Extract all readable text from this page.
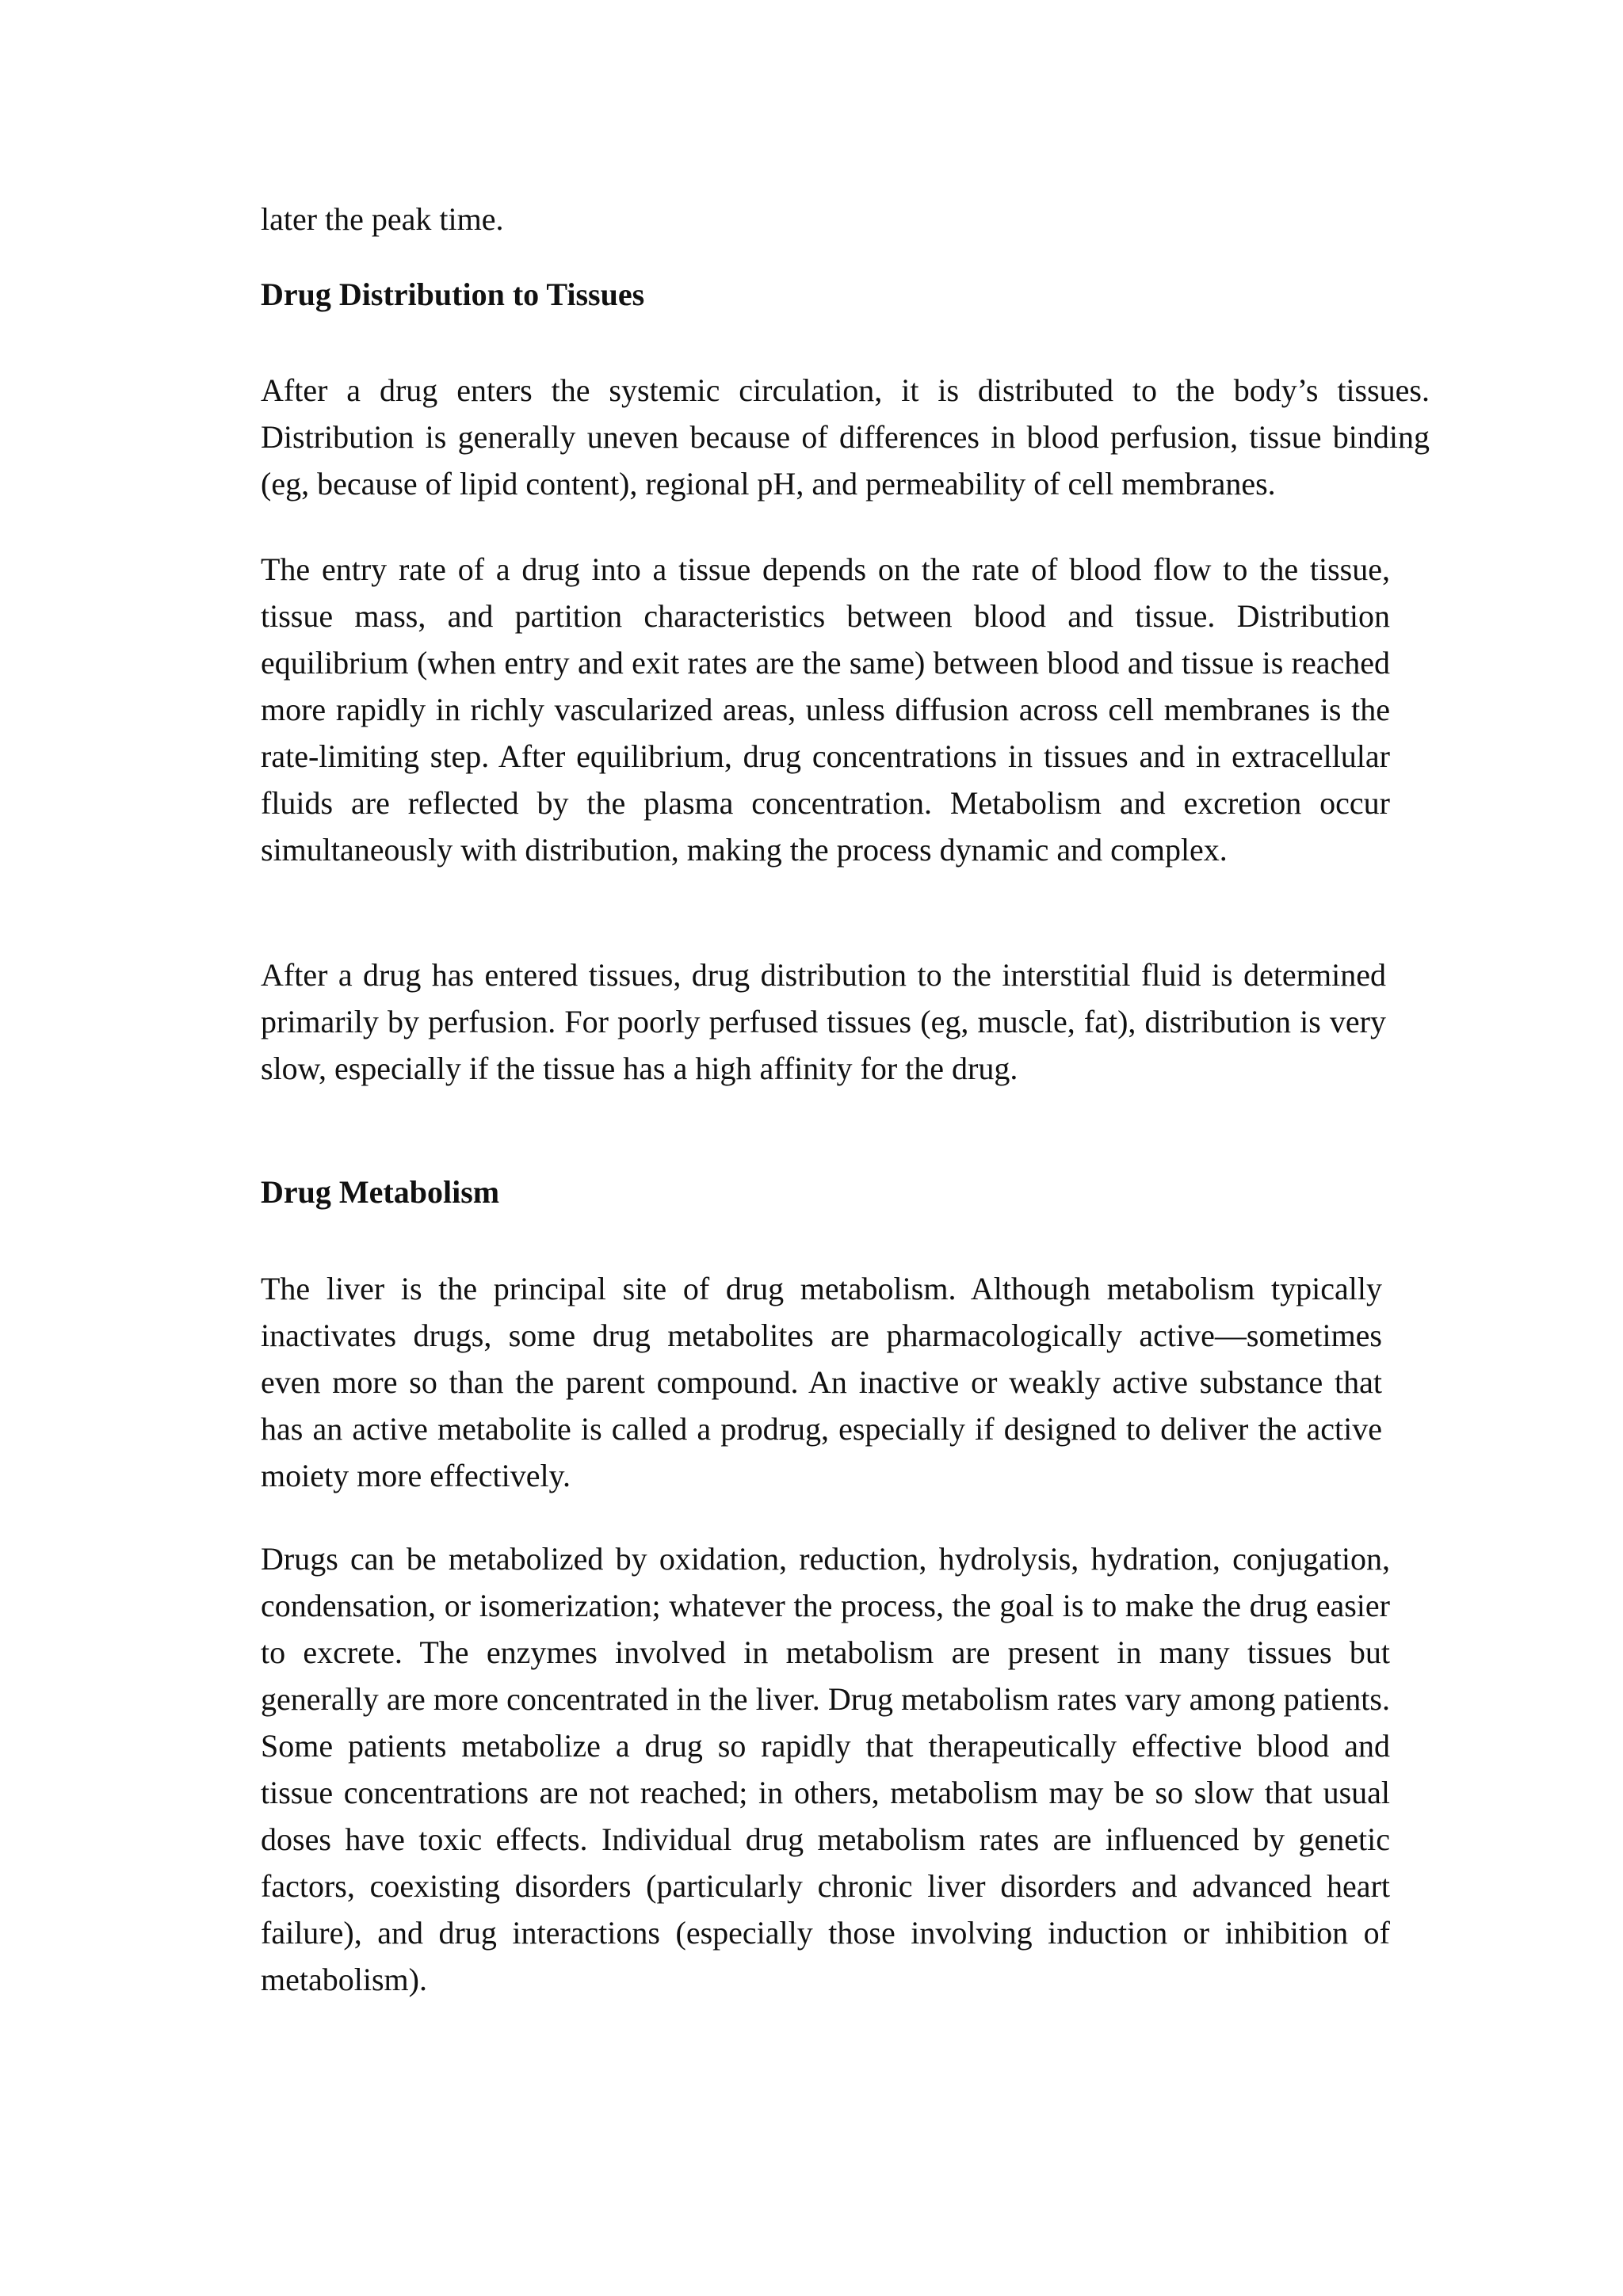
later the peak time.

Drug Distribution to Tissues

After a drug enters the systemic circulation, it is distributed to the body’s tissues. Distribution is generally uneven because of differences in blood perfusion, tissue binding (eg, because of lipid content), regional pH, and permeability of cell membranes.

The entry rate of a drug into a tissue depends on the rate of blood flow to the tissue, tissue mass, and partition characteristics between blood and tissue. Distribution equilibrium (when entry and exit rates are the same) between blood and tissue is reached more rapidly in richly vascularized areas, unless diffusion across cell membranes is the rate-limiting step. After equilibrium, drug concentrations in tissues and in extracellular fluids are reflected by the plasma concentration. Metabolism and excretion occur simultaneously with distribution, making the process dynamic and complex.

After a drug has entered tissues, drug distribution to the interstitial fluid is determined primarily by perfusion. For poorly perfused tissues (eg, muscle, fat), distribution is very slow, especially if the tissue has a high affinity for the drug.

Drug Metabolism

The liver is the principal site of drug metabolism. Although metabolism typically inactivates drugs, some drug metabolites are pharmacologically active—sometimes even more so than the parent compound. An inactive or weakly active substance that has an active metabolite is called a prodrug, especially if designed to deliver the active moiety more effectively.

Drugs can be metabolized by oxidation, reduction, hydrolysis, hydration, conjugation, condensation, or isomerization; whatever the process, the goal is to make the drug easier to excrete. The enzymes involved in metabolism are present in many tissues but generally are more concentrated in the liver. Drug metabolism rates vary among patients. Some patients metabolize a drug so rapidly that therapeutically effective blood and tissue concentrations are not reached; in others, metabolism may be so slow that usual doses have toxic effects. Individual drug metabolism rates are influenced by genetic factors, coexisting disorders (particularly chronic liver disorders and advanced heart failure), and drug interactions (especially those involving induction or inhibition of metabolism).
